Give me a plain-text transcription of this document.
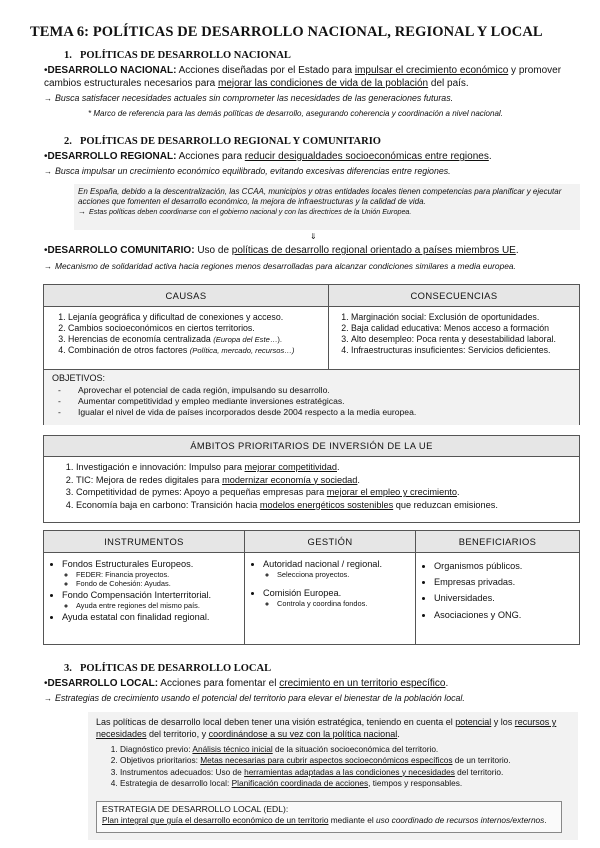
TEMA 6: POLÍTICAS DE DESARROLLO NACIONAL, REGIONAL Y LOCAL
1. POLÍTICAS DE DESARROLLO NACIONAL
•DESARROLLO NACIONAL: Acciones diseñadas por el Estado para impulsar el crecimiento económico y promover cambios estructurales necesarios para mejorar las condiciones de vida de la población del país.
→ Busca satisfacer necesidades actuales sin comprometer las necesidades de las generaciones futuras.
* Marco de referencia para las demás políticas de desarrollo, asegurando coherencia y coordinación a nivel nacional.
2. POLÍTICAS DE DESARROLLO REGIONAL Y COMUNITARIO
•DESARROLLO REGIONAL: Acciones para reducir desigualdades socioeconómicas entre regiones.
→ Busca impulsar un crecimiento económico equilibrado, evitando excesivas diferencias entre regiones.
En España, debido a la descentralización, las CCAA, municipios y otras entidades locales tienen competencias para planificar y ejecutar acciones que fomenten el desarrollo económico, la mejora de infraestructuras y la calidad de vida.
→ Estas políticas deben coordinarse con el gobierno nacional y con las directrices de la Unión Europea.
⇓
•DESARROLLO COMUNITARIO: Uso de políticas de desarrollo regional orientado a países miembros UE.
→ Mecanismo de solidaridad activa hacia regiones menos desarrolladas para alcanzar condiciones similares a media europea.
CAUSAS
1. Lejanía geográfica y dificultad de conexiones y acceso.
2. Cambios socioeconómicos en ciertos territorios.
3. Herencias de economía centralizada (Europa del Este…).
4. Combinación de otros factores (Política, mercado, recursos…)
CONSECUENCIAS
1. Marginación social: Exclusión de oportunidades.
2. Baja calidad educativa: Menos acceso a formación
3. Alto desempleo: Poca renta y desestabilidad laboral.
4. Infraestructuras insuficientes: Servicios deficientes.
OBJETIVOS:
- Aprovechar el potencial de cada región, impulsando su desarrollo.
- Aumentar competitividad y empleo mediante inversiones estratégicas.
- Igualar el nivel de vida de países incorporados desde 2004 respecto a la media europea.
ÁMBITOS PRIORITARIOS DE INVERSIÓN DE LA UE
1. Investigación e innovación: Impulso para mejorar competitividad.
2. TIC: Mejora de redes digitales para modernizar economía y sociedad.
3. Competitividad de pymes: Apoyo a pequeñas empresas para mejorar el empleo y crecimiento.
4. Economía baja en carbono: Transición hacia modelos energéticos sostenibles que reduzcan emisiones.
INSTRUMENTOS
• Fondos Estructurales Europeos.
◦ FEDER: Financia proyectos.
◦ Fondo de Cohesión: Ayudas.
• Fondo Compensación Interterritorial.
◦ Ayuda entre regiones del mismo país.
• Ayuda estatal con finalidad regional.
GESTIÓN
• Autoridad nacional / regional.
◦ Selecciona proyectos.
• Comisión Europea.
◦ Controla y coordina fondos.
BENEFICIARIOS
• Organismos públicos.
• Empresas privadas.
• Universidades.
• Asociaciones y ONG.
3. POLÍTICAS DE DESARROLLO LOCAL
•DESARROLLO LOCAL: Acciones para fomentar el crecimiento en un territorio específico.
→ Estrategias de crecimiento usando el potencial del territorio para elevar el bienestar de la población local.
Las políticas de desarrollo local deben tener una visión estratégica, teniendo en cuenta el potencial y los recursos y necesidades del territorio, y coordinándose a su vez con la política nacional.
1. Diagnóstico previo: Análisis técnico inicial de la situación socioeconómica del territorio.
2. Objetivos prioritarios: Metas necesarias para cubrir aspectos socioeconómicos específicos de un territorio.
3. Instrumentos adecuados: Uso de herramientas adaptadas a las condiciones y necesidades del territorio.
4. Estrategia de desarrollo local: Planificación coordinada de acciones, tiempos y responsables.
ESTRATEGIA DE DESARROLLO LOCAL (EDL):
Plan integral que guía el desarrollo económico de un territorio mediante el uso coordinado de recursos internos/externos.
